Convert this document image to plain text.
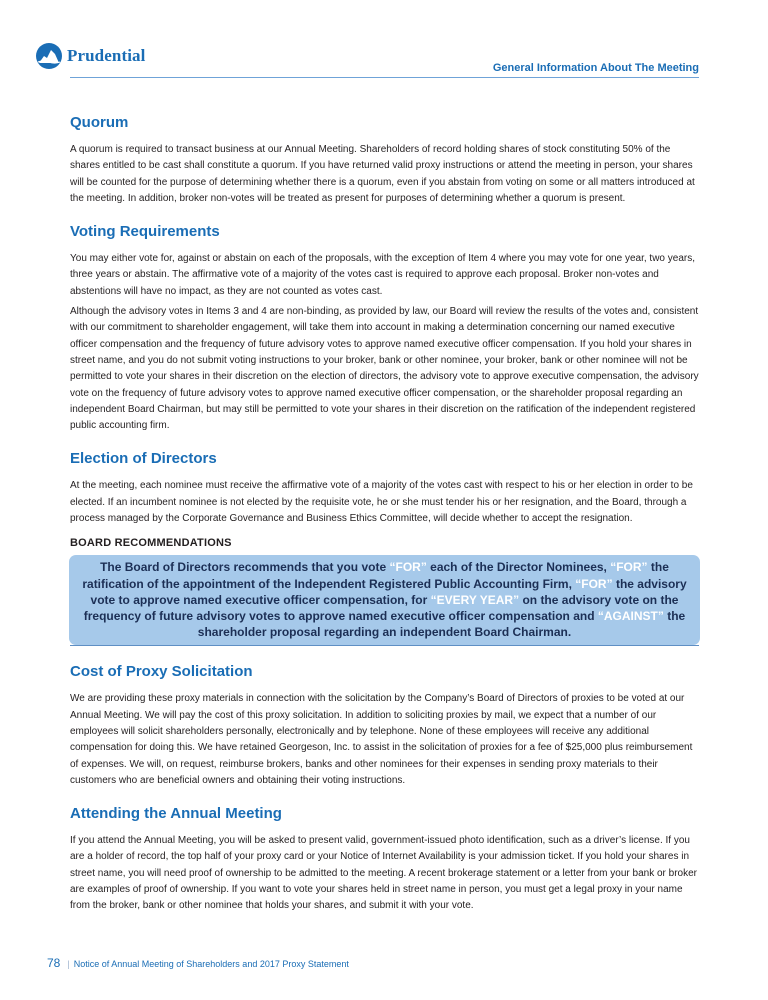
Prudential
General Information About The Meeting
Quorum

A quorum is required to transact business at our Annual Meeting. Shareholders of record holding shares of stock constituting 50% of the shares entitled to be cast shall constitute a quorum. If you have returned valid proxy instructions or attend the meeting in person, your shares will be counted for the purpose of determining whether there is a quorum, even if you abstain from voting on some or all matters introduced at the meeting. In addition, broker non-votes will be treated as present for purposes of determining whether a quorum is present.

Voting Requirements

You may either vote for, against or abstain on each of the proposals, with the exception of Item 4 where you may vote for one year, two years, three years or abstain. The affirmative vote of a majority of the votes cast is required to approve each proposal. Broker non-votes and abstentions will have no impact, as they are not counted as votes cast.

Although the advisory votes in Items 3 and 4 are non-binding, as provided by law, our Board will review the results of the votes and, consistent with our commitment to shareholder engagement, will take them into account in making a determination concerning our named executive officer compensation and the frequency of future advisory votes to approve named executive officer compensation. If you hold your shares in street name, and you do not submit voting instructions to your broker, bank or other nominee, your broker, bank or other nominee will not be permitted to vote your shares in their discretion on the election of directors, the advisory vote to approve executive compensation, the advisory vote on the frequency of future advisory votes to approve named executive officer compensation, or the shareholder proposal regarding an independent Board Chairman, but may still be permitted to vote your shares in their discretion on the ratification of the independent registered public accounting firm.

Election of Directors

At the meeting, each nominee must receive the affirmative vote of a majority of the votes cast with respect to his or her election in order to be elected. If an incumbent nominee is not elected by the requisite vote, he or she must tender his or her resignation, and the Board, through a process managed by the Corporate Governance and Business Ethics Committee, will decide whether to accept the resignation.

BOARD RECOMMENDATIONS
The Board of Directors recommends that you vote “FOR” each of the Director Nominees, “FOR” the ratification of the appointment of the Independent Registered Public Accounting Firm, “FOR” the advisory vote to approve named executive officer compensation, for “EVERY YEAR” on the advisory vote on the frequency of future advisory votes to approve named executive officer compensation and “AGAINST” the shareholder proposal regarding an independent Board Chairman.
Cost of Proxy Solicitation

We are providing these proxy materials in connection with the solicitation by the Company’s Board of Directors of proxies to be voted at our Annual Meeting. We will pay the cost of this proxy solicitation. In addition to soliciting proxies by mail, we expect that a number of our employees will solicit shareholders personally, electronically and by telephone. None of these employees will receive any additional compensation for doing this. We have retained Georgeson, Inc. to assist in the solicitation of proxies for a fee of $25,000 plus reimbursement of expenses. We will, on request, reimburse brokers, banks and other nominees for their expenses in sending proxy materials to their customers who are beneficial owners and obtaining their voting instructions.

Attending the Annual Meeting

If you attend the Annual Meeting, you will be asked to present valid, government-issued photo identification, such as a driver’s license. If you are a holder of record, the top half of your proxy card or your Notice of Internet Availability is your admission ticket. If you hold your shares in street name, you will need proof of ownership to be admitted to the meeting. A recent brokerage statement or a letter from your bank or broker are examples of proof of ownership. If you want to vote your shares held in street name in person, you must get a legal proxy in your name from the broker, bank or other nominee that holds your shares, and submit it with your vote.

78 | Notice of Annual Meeting of Shareholders and 2017 Proxy Statement
